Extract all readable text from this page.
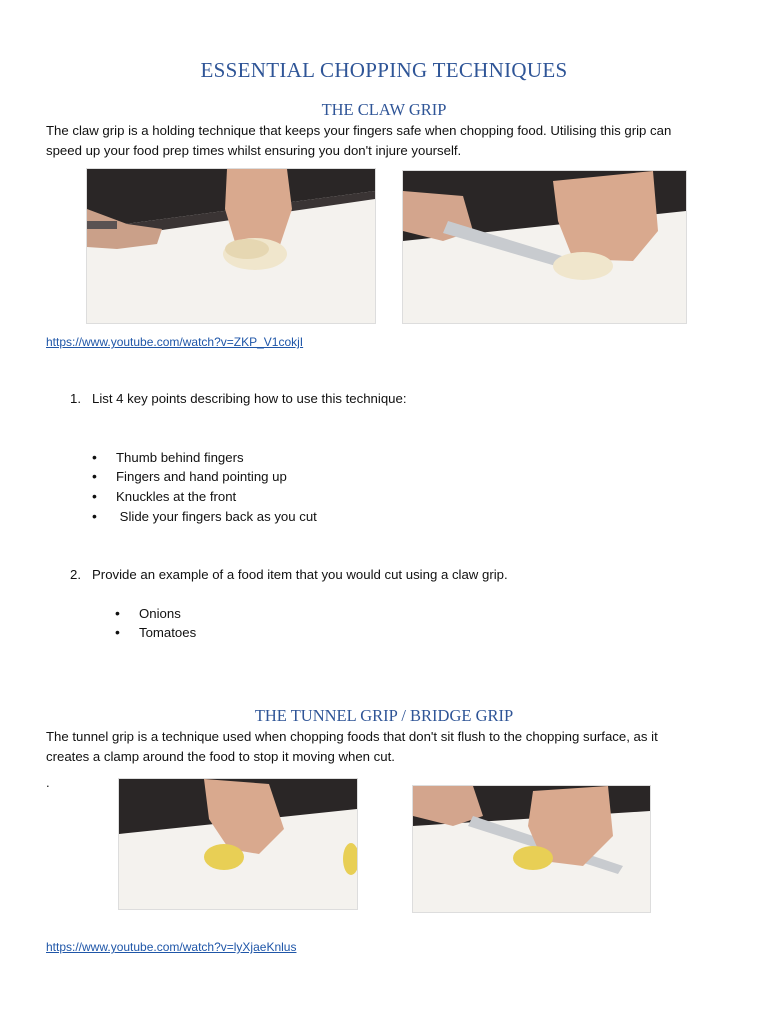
ESSENTIAL CHOPPING TECHNIQUES
THE CLAW GRIP
The claw grip is a holding technique that keeps your fingers safe when chopping food. Utilising this grip can
speed up your food prep times whilst ensuring you don't injure yourself.
https://www.youtube.com/watch?v=ZKP_V1cokjI
1. List 4 key points describing how to use this technique:
• Thumb behind fingers
• Fingers and hand pointing up
• Knuckles at the front
• Slide your fingers back as you cut
2. Provide an example of a food item that you would cut using a claw grip.
• Onions
• Tomatoes
THE TUNNEL GRIP / BRIDGE GRIP
The tunnel grip is a technique used when chopping foods that don't sit flush to the chopping surface, as it
creates a clamp around the food to stop it moving when cut.
.
https://www.youtube.com/watch?v=lyXjaeKnlus
